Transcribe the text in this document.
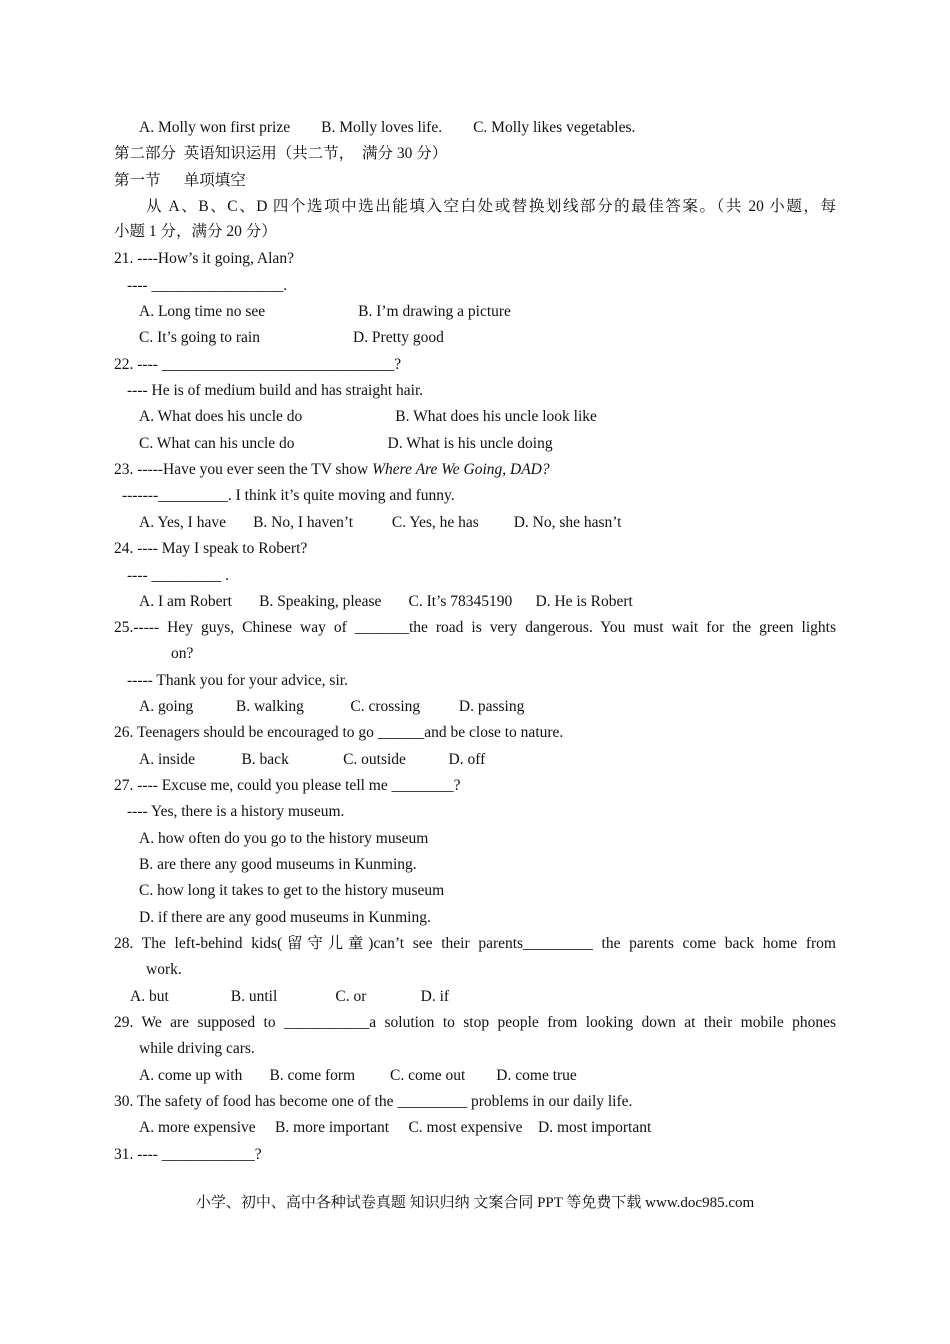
A. Molly won first prize        B. Molly loves life.        C. Molly likes vegetables.
第二部分  英语知识运用（共二节，  满分 30 分）
第一节      单项填空
从 A、B、C、D 四个选项中选出能填入空白处或替换划线部分的最佳答案。（共 20 小题，每
小题 1 分，满分 20 分）
21. ----How’s it going, Alan?
---- _________________.
A. Long time no see                        B. I’m drawing a picture
C. It’s going to rain                        D. Pretty good
22. ---- ______________________________?
---- He is of medium build and has straight hair.
A. What does his uncle do                        B. What does his uncle look like
C. What can his uncle do                        D. What is his uncle doing
23. -----Have you ever seen the TV show Where Are We Going, DAD?
-------_________. I think it’s quite moving and funny.
A. Yes, I have       B. No, I haven’t          C. Yes, he has         D. No, she hasn’t
24. ---- May I speak to Robert?
---- _________ .
A. I am Robert       B. Speaking, please       C. It’s 78345190      D. He is Robert
25.----- Hey guys, Chinese way of _______the road is very dangerous. You must wait for the green lights
on?
----- Thank you for your advice, sir.
A. going           B. walking            C. crossing          D. passing
26. Teenagers should be encouraged to go ______and be close to nature.
A. inside            B. back              C. outside           D. off
27. ---- Excuse me, could you please tell me ________?
---- Yes, there is a history museum.
A. how often do you go to the history museum
B. are there any good museums in Kunming.
C. how long it takes to get to the history museum
D. if there are any good museums in Kunming.
28. The left-behind kids(留守儿童)can’t see their parents_________ the parents come back home from
work.
A. but                B. until               C. or              D. if
29. We are supposed to ___________a solution to stop people from looking down at their mobile phones
while driving cars.
A. come up with       B. come form         C. come out        D. come true
30. The safety of food has become one of the _________ problems in our daily life.
A. more expensive     B. more important     C. most expensive    D. most important
31. ---- ____________?
小学、初中、高中各种试卷真题 知识归纳 文案合同 PPT 等免费下载 www.doc985.com
